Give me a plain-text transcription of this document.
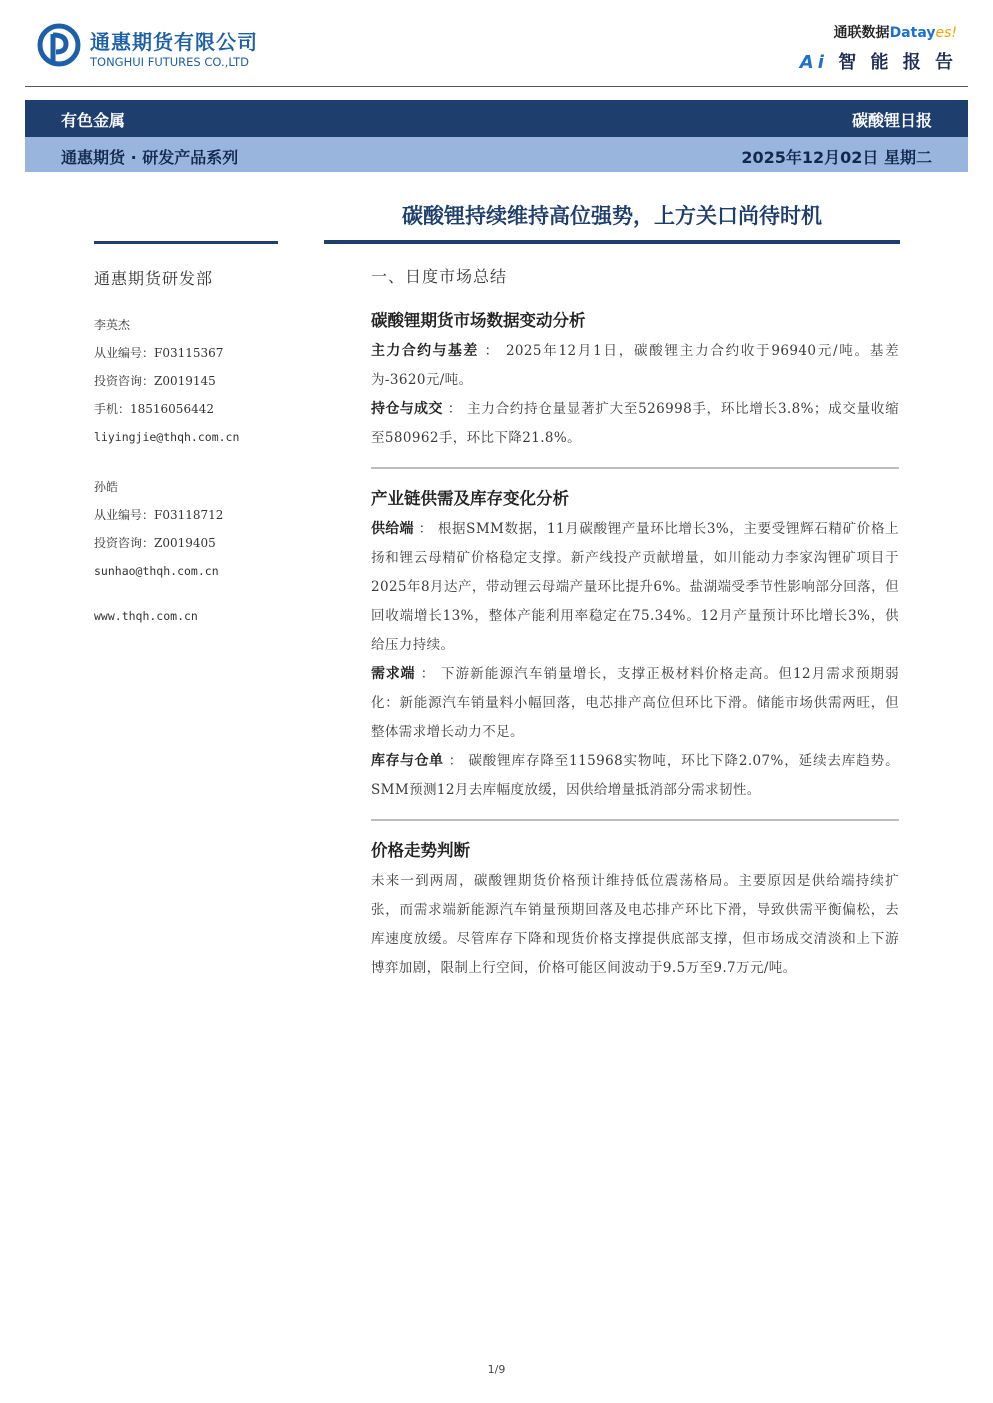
通惠期货有限公司
TONGHUI FUTURES CO.,LTD
通联数据Datayes!
Ai 智 能 报 告
有色金属	碳酸锂日报
通惠期货 · 研发产品系列	2025年12月02日 星期二
碳酸锂持续维持高位强势，上方关口尚待时机
通惠期货研发部
李英杰
从业编号：F03115367
投资咨询：Z0019145
手机：18516056442
liyingjie@thqh.com.cn
孙皓
从业编号：F03118712
投资咨询：Z0019405
sunhao@thqh.com.cn
www.thqh.com.cn
一、日度市场总结
碳酸锂期货市场数据变动分析
主力合约与基差 ： 2025年12月1日，碳酸锂主力合约收于96940元/吨。基差为-3620元/吨。
持仓与成交 ： 主力合约持仓量显著扩大至526998手，环比增长3.8%；成交量收缩至580962手，环比下降21.8%。
产业链供需及库存变化分析
供给端 ： 根据SMM数据，11月碳酸锂产量环比增长3%，主要受锂辉石精矿价格上扬和锂云母精矿价格稳定支撑。新产线投产贡献增量，如川能动力李家沟锂矿项目于2025年8月达产，带动锂云母端产量环比提升6%。盐湖端受季节性影响部分回落，但回收端增长13%，整体产能利用率稳定在75.34%。12月产量预计环比增长3%，供给压力持续。
需求端 ： 下游新能源汽车销量增长，支撑正极材料价格走高。但12月需求预期弱化：新能源汽车销量料小幅回落，电芯排产高位但环比下滑。储能市场供需两旺，但整体需求增长动力不足。
库存与仓单 ： 碳酸锂库存降至115968实物吨，环比下降2.07%，延续去库趋势。SMM预测12月去库幅度放缓，因供给增量抵消部分需求韧性。
价格走势判断
未来一到两周，碳酸锂期货价格预计维持低位震荡格局。主要原因是供给端持续扩张，而需求端新能源汽车销量预期回落及电芯排产环比下滑，导致供需平衡偏松，去库速度放缓。尽管库存下降和现货价格支撑提供底部支撑，但市场成交清淡和上下游博弈加剧，限制上行空间，价格可能区间波动于9.5万至9.7万元/吨。
1/9
